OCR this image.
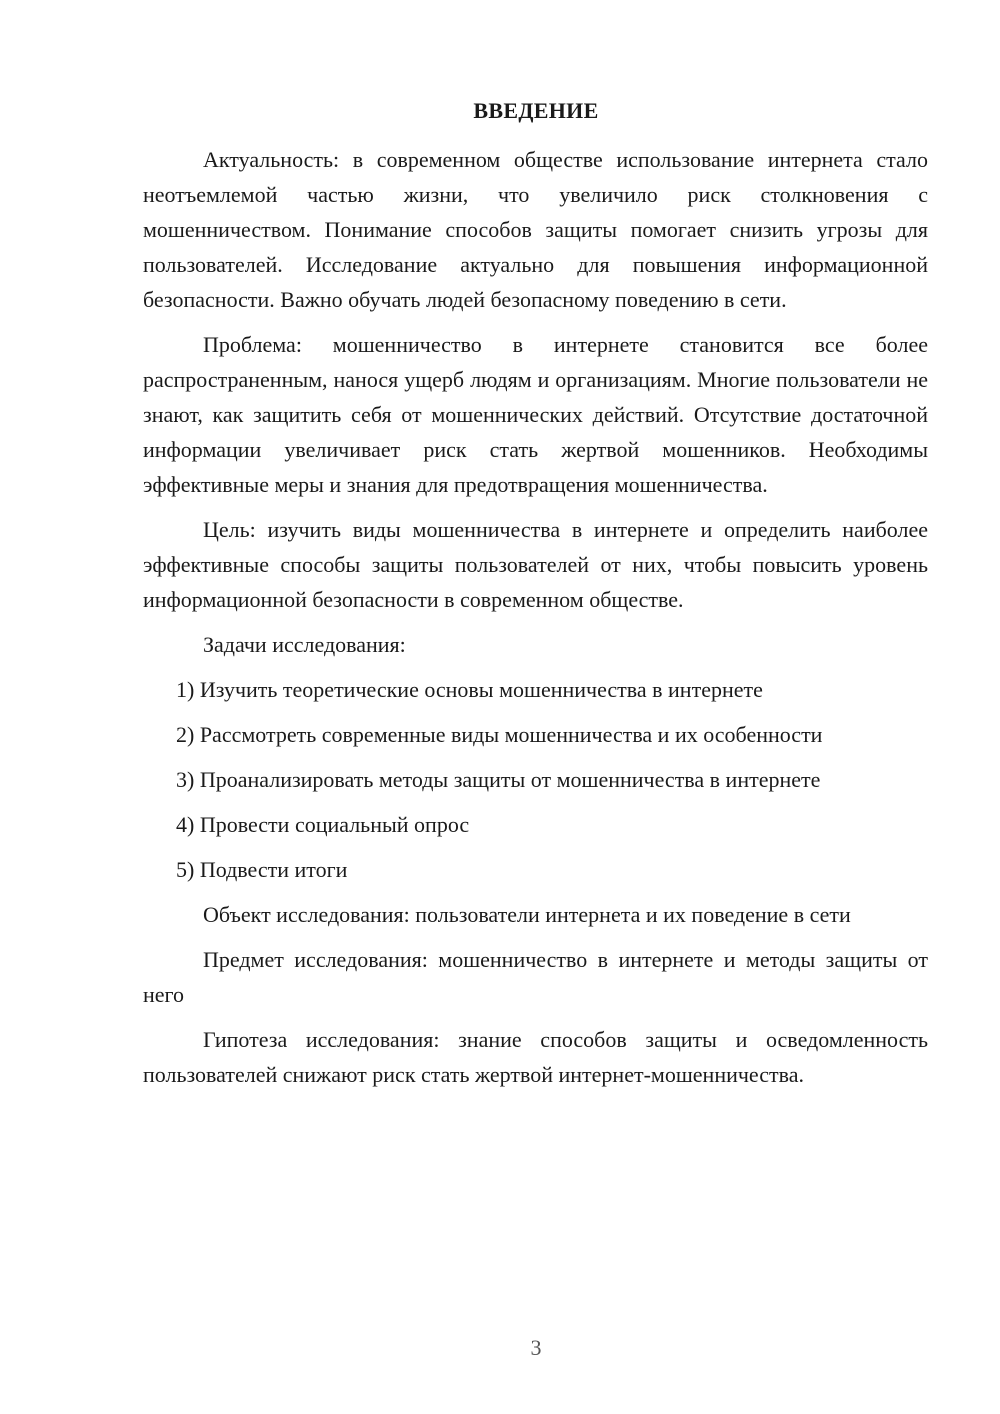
ВВЕДЕНИЕ

Актуальность: в современном обществе использование интернета стало неотъемлемой частью жизни, что увеличило риск столкновения с мошенничеством. Понимание способов защиты помогает снизить угрозы для пользователей. Исследование актуально для повышения информационной безопасности. Важно обучать людей безопасному поведению в сети.

Проблема: мошенничество в интернете становится все более распространенным, нанося ущерб людям и организациям. Многие пользователи не знают, как защитить себя от мошеннических действий. Отсутствие достаточной информации увеличивает риск стать жертвой мошенников. Необходимы эффективные меры и знания для предотвращения мошенничества.

Цель: изучить виды мошенничества в интернете и определить наиболее эффективные способы защиты пользователей от них, чтобы повысить уровень информационной безопасности в современном обществе.

Задачи исследования:

1) Изучить теоретические основы мошенничества в интернете
2) Рассмотреть современные виды мошенничества и их особенности
3) Проанализировать методы защиты от мошенничества в интернете
4) Провести социальный опрос
5) Подвести итоги

Объект исследования: пользователи интернета и их поведение в сети

Предмет исследования: мошенничество в интернете и методы защиты от него

Гипотеза исследования: знание способов защиты и осведомленность пользователей снижают риск стать жертвой интернет-мошенничества.

3
